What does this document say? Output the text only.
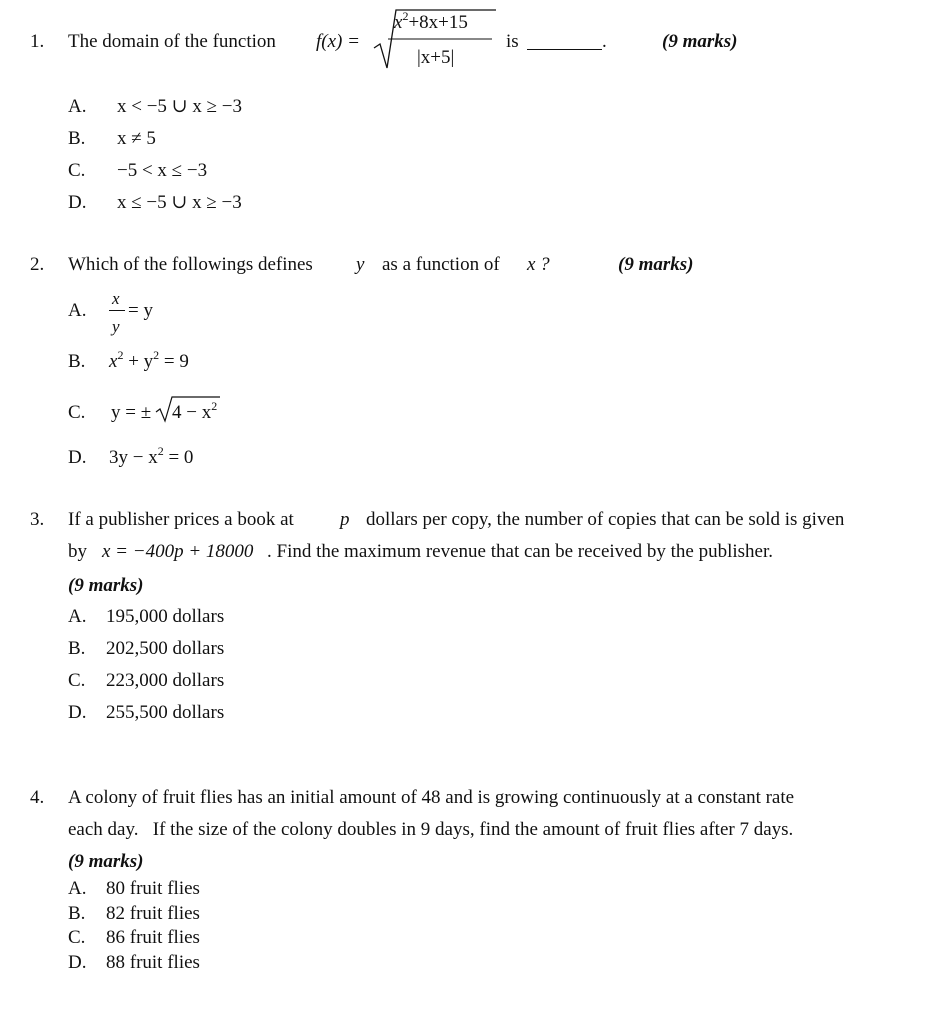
1. The domain of the function f(x) =
$x^2+8x+15$
|x+5|
is	.	(9 marks)
A. x < −5 ∪ x ≥ −3
B. x ≠ 5
C. −5 < x ≤ −3
D. x ≤ −5 ∪ x ≥ −3
2. Which of the followings defines y as a function of x ?	(9 marks)
A.
x
y
= y
B. $x^2 + y^2 = 9$
C. y = ± $4 - x^2$
D. $3y - x^2 = 0$
3. If a publisher prices a book at p dollars per copy, the number of copies that can be sold is given
by x = −400p + 18000 . Find the maximum revenue that can be received by the publisher.
(9 marks)
A. 195,000 dollars
B. 202,500 dollars
C. 223,000 dollars
D. 255,500 dollars
4. A colony of fruit flies has an initial amount of 48 and is growing continuously at a constant rate
each day.   If the size of the colony doubles in 9 days, find the amount of fruit flies after 7 days.
(9 marks)
A. 80 fruit flies
B. 82 fruit flies
C. 86 fruit flies
D. 88 fruit flies
